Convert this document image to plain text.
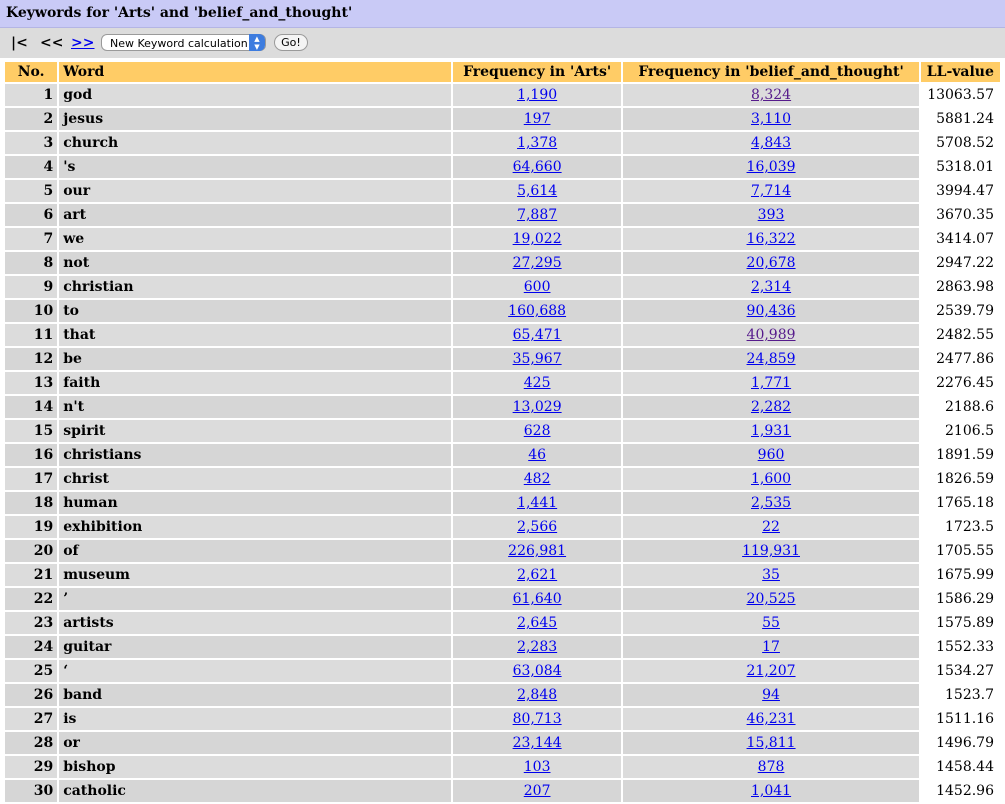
Keywords for 'Arts' and 'belief_and_thought'
|< << >> New Keyword calculation ▲
▼	Go!
No.	Word	Frequency in 'Arts'	Frequency in 'belief_and_thought'	LL-value
1	god	1,190	8,324	13063.57
2	jesus	197	3,110	5881.24
3	church	1,378	4,843	5708.52
4	's	64,660	16,039	5318.01
5	our	5,614	7,714	3994.47
6	art	7,887	393	3670.35
7	we	19,022	16,322	3414.07
8	not	27,295	20,678	2947.22
9	christian	600	2,314	2863.98
10	to	160,688	90,436	2539.79
11	that	65,471	40,989	2482.55
12	be	35,967	24,859	2477.86
13	faith	425	1,771	2276.45
14	n't	13,029	2,282	2188.6
15	spirit	628	1,931	2106.5
16	christians	46	960	1891.59
17	christ	482	1,600	1826.59
18	human	1,441	2,535	1765.18
19	exhibition	2,566	22	1723.5
20	of	226,981	119,931	1705.55
21	museum	2,621	35	1675.99
22	’	61,640	20,525	1586.29
23	artists	2,645	55	1575.89
24	guitar	2,283	17	1552.33
25	‘	63,084	21,207	1534.27
26	band	2,848	94	1523.7
27	is	80,713	46,231	1511.16
28	or	23,144	15,811	1496.79
29	bishop	103	878	1458.44
30	catholic	207	1,041	1452.96
